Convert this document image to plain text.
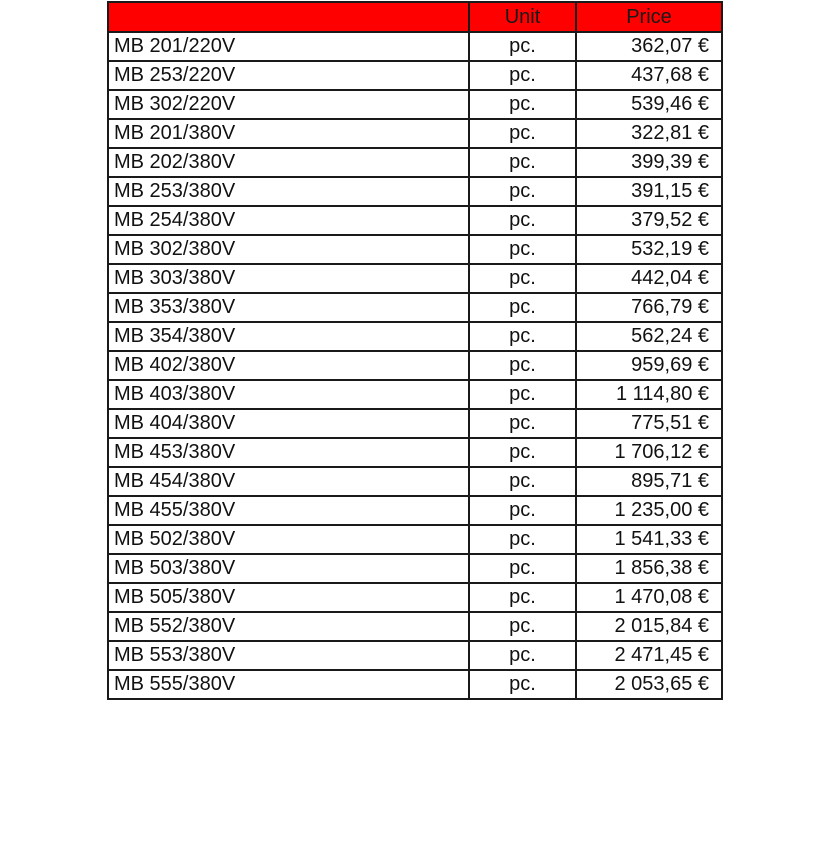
	Unit	Price
MB 201/220V	pc.	362,07 €
MB 253/220V	pc.	437,68 €
MB 302/220V	pc.	539,46 €
MB 201/380V	pc.	322,81 €
MB 202/380V	pc.	399,39 €
MB 253/380V	pc.	391,15 €
MB 254/380V	pc.	379,52 €
MB 302/380V	pc.	532,19 €
MB 303/380V	pc.	442,04 €
MB 353/380V	pc.	766,79 €
MB 354/380V	pc.	562,24 €
MB 402/380V	pc.	959,69 €
MB 403/380V	pc.	1 114,80 €
MB 404/380V	pc.	775,51 €
MB 453/380V	pc.	1 706,12 €
MB 454/380V	pc.	895,71 €
MB 455/380V	pc.	1 235,00 €
MB 502/380V	pc.	1 541,33 €
MB 503/380V	pc.	1 856,38 €
MB 505/380V	pc.	1 470,08 €
MB 552/380V	pc.	2 015,84 €
MB 553/380V	pc.	2 471,45 €
MB 555/380V	pc.	2 053,65 €
